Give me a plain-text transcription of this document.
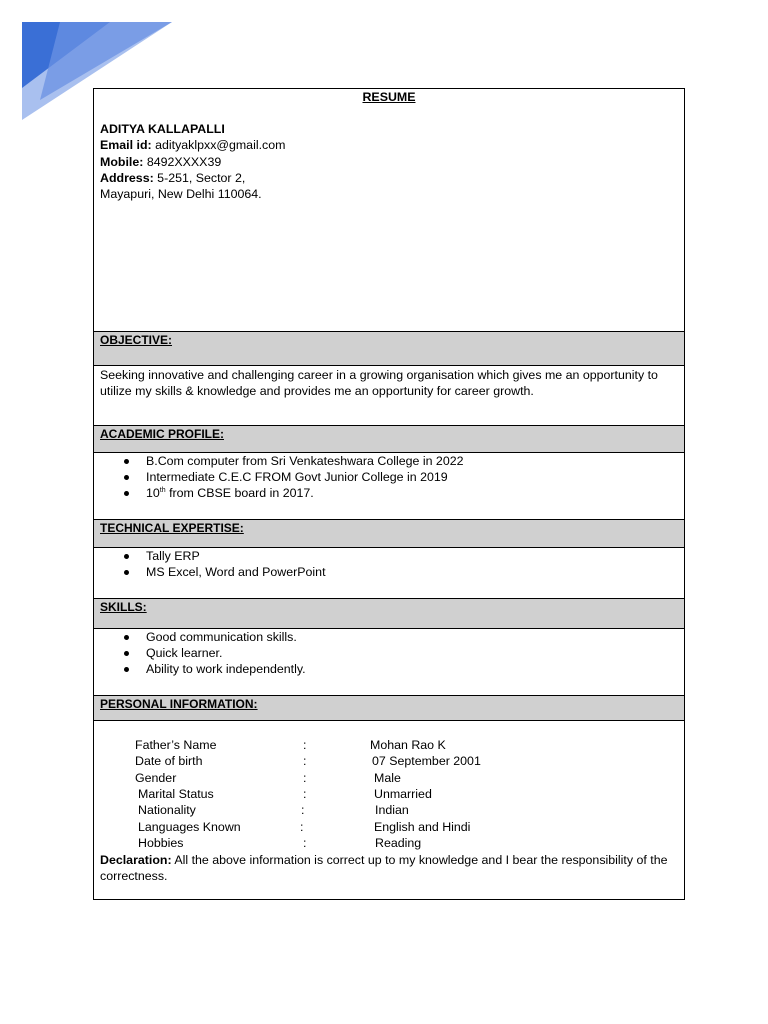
RESUME
ADITYA KALLAPALLI
Email id: adityaklpxx@gmail.com
Mobile: 8492XXXX39
Address: 5-251, Sector 2,
Mayapuri, New Delhi 110064.
OBJECTIVE:
Seeking innovative and challenging career in a growing organisation which gives me an opportunity to utilize my skills & knowledge and provides me an opportunity for career growth.
ACADEMIC PROFILE:
B.Com computer from Sri Venkateshwara College in 2022
Intermediate C.E.C FROM Govt Junior College in 2019
10th from CBSE board in 2017.
TECHNICAL EXPERTISE:
Tally ERP
MS Excel, Word and PowerPoint
SKILLS:
Good communication skills.
Quick learner.
Ability to work independently.
PERSONAL INFORMATION:
Father’s Name	:	Mohan Rao K
Date of birth	:	07 September 2001
Gender	:	Male
Marital Status	:	Unmarried
Nationality	:	Indian
Languages Known	:	English and Hindi
Hobbies	:	Reading
Declaration: All the above information is correct up to my knowledge and I bear the responsibility of the correctness.
